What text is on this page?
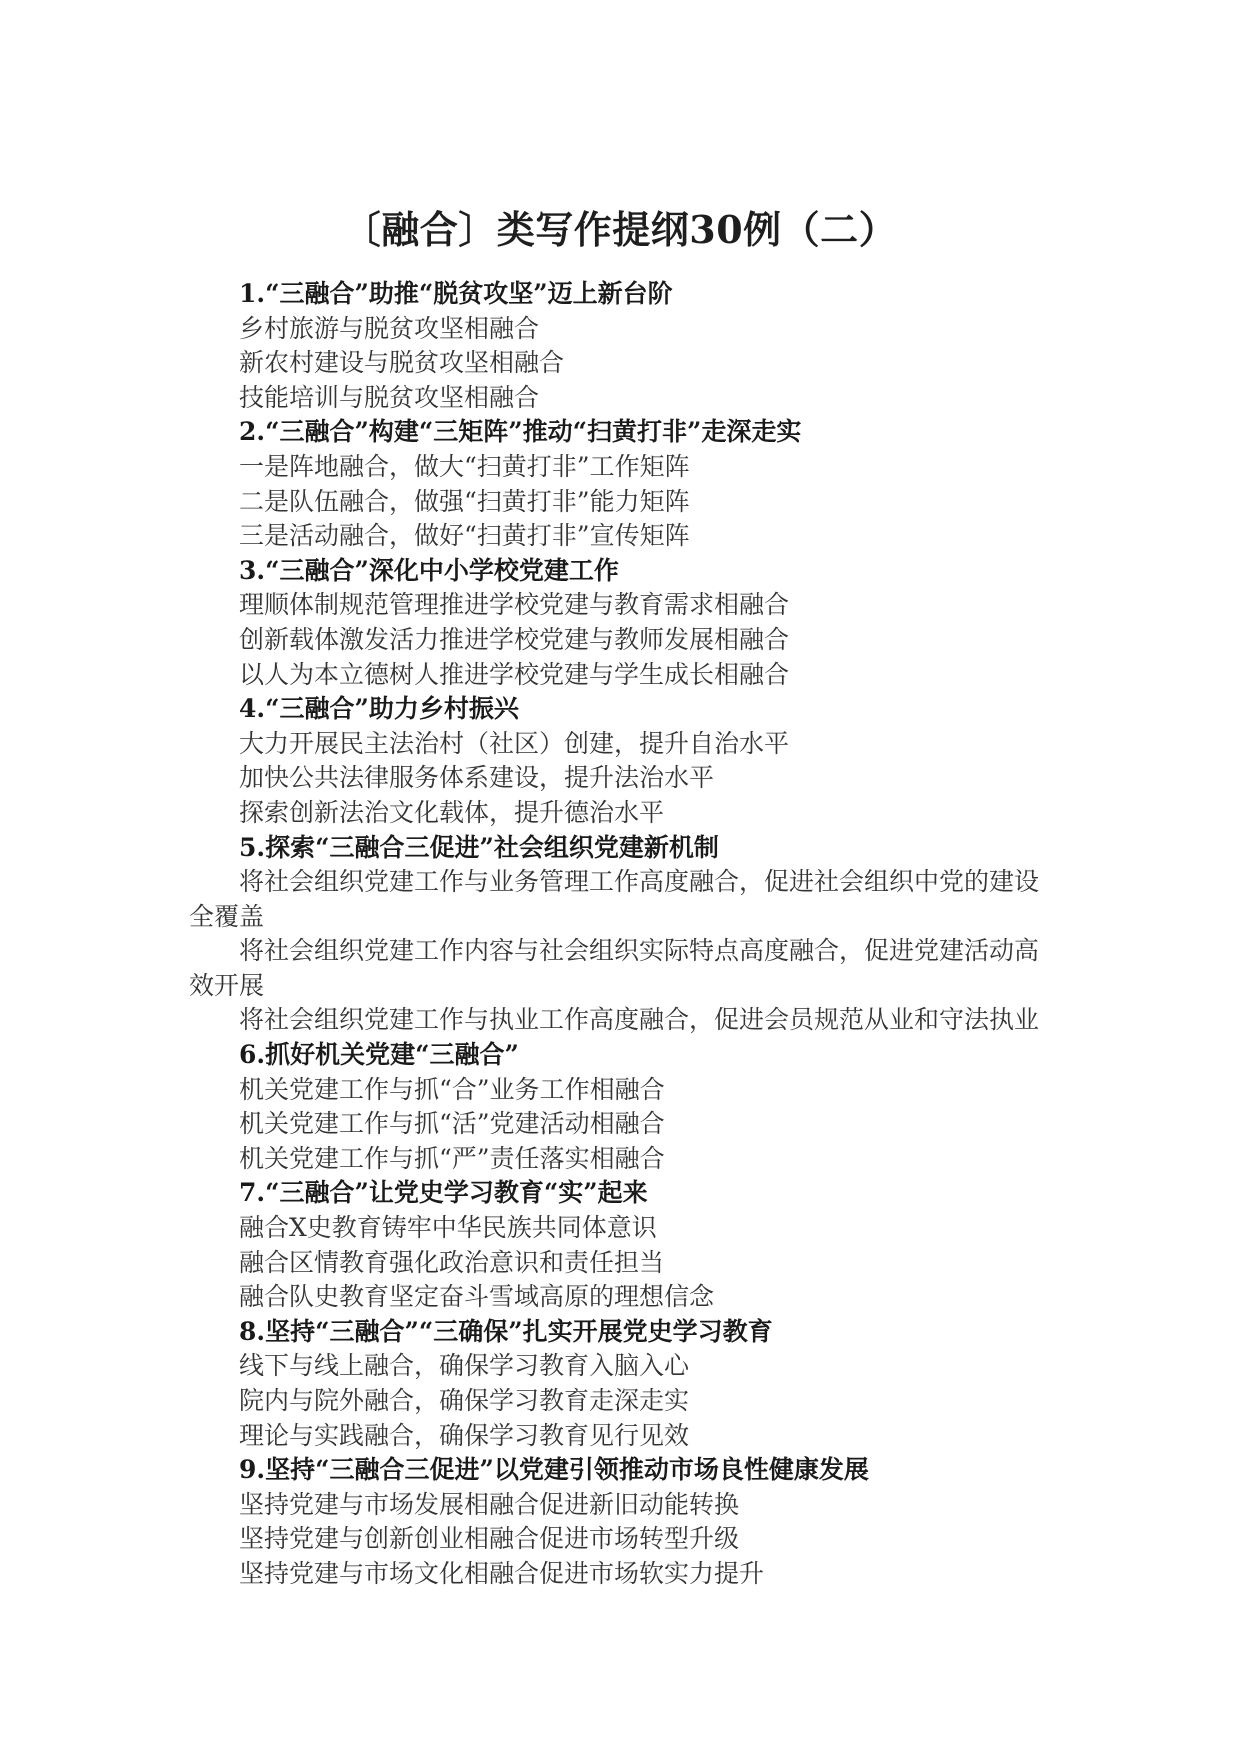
〔融合〕类写作提纲30例（二）

1.“三融合”助推“脱贫攻坚”迈上新台阶

乡村旅游与脱贫攻坚相融合

新农村建设与脱贫攻坚相融合

技能培训与脱贫攻坚相融合

2.“三融合”构建“三矩阵”推动“扫黄打非”走深走实

一是阵地融合，做大“扫黄打非”工作矩阵

二是队伍融合，做强“扫黄打非”能力矩阵

三是活动融合，做好“扫黄打非”宣传矩阵

3.“三融合”深化中小学校党建工作

理顺体制规范管理推进学校党建与教育需求相融合

创新载体激发活力推进学校党建与教师发展相融合

以人为本立德树人推进学校党建与学生成长相融合

4.“三融合”助力乡村振兴

大力开展民主法治村（社区）创建，提升自治水平

加快公共法律服务体系建设，提升法治水平

探索创新法治文化载体，提升德治水平

5.探索“三融合三促进”社会组织党建新机制

将社会组织党建工作与业务管理工作高度融合，促进社会组织中党的建设全覆盖

将社会组织党建工作内容与社会组织实际特点高度融合，促进党建活动高效开展

将社会组织党建工作与执业工作高度融合，促进会员规范从业和守法执业

6.抓好机关党建“三融合”

机关党建工作与抓“合”业务工作相融合

机关党建工作与抓“活”党建活动相融合

机关党建工作与抓“严”责任落实相融合

7.“三融合”让党史学习教育“实”起来

融合X史教育铸牢中华民族共同体意识

融合区情教育强化政治意识和责任担当

融合队史教育坚定奋斗雪域高原的理想信念

8.坚持“三融合”“三确保”扎实开展党史学习教育

线下与线上融合，确保学习教育入脑入心

院内与院外融合，确保学习教育走深走实

理论与实践融合，确保学习教育见行见效

9.坚持“三融合三促进”以党建引领推动市场良性健康发展

坚持党建与市场发展相融合促进新旧动能转换

坚持党建与创新创业相融合促进市场转型升级

坚持党建与市场文化相融合促进市场软实力提升
